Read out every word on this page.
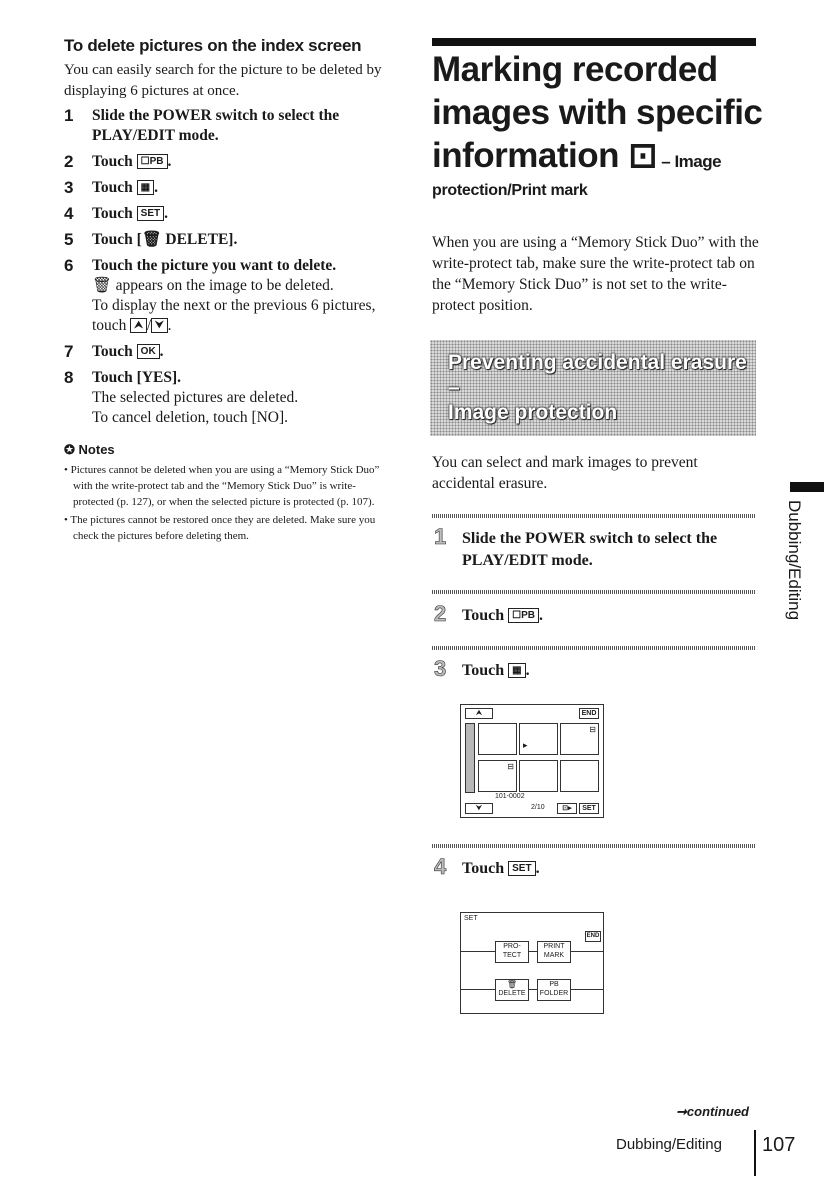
To delete pictures on the index screen

You can easily search for the picture to be deleted by displaying 6 pictures at once.

1 Slide the POWER switch to select the PLAY/EDIT mode.
2 Touch ☐PB .
3 Touch ▦ .
4 Touch SET .
5 Touch [🗑 DELETE].
6 Touch the picture you want to delete.
🗑 appears on the image to be deleted.
To display the next or the previous 6 pictures, touch ⮝ / ⮟ .
7 Touch OK .
8 Touch [YES].
The selected pictures are deleted.
To cancel deletion, touch [NO].
✪ Notes

• Pictures cannot be deleted when you are using a “Memory Stick Duo” with the write-protect tab and the “Memory Stick Duo” is write-protected (p. 127), or when the selected picture is protected (p. 107).

• The pictures cannot be restored once they are deleted. Make sure you check the pictures before deleting them.

Marking recorded
images with specific
information ⊡ – Image
protection/Print mark
When you are using a “Memory Stick Duo” with the write-protect tab, make sure the write-protect tab on the “Memory Stick Duo” is not set to the write-protect position.
Preventing accidental erasure –
Image protection
You can select and mark images to prevent accidental erasure.
1 Slide the POWER switch to select the PLAY/EDIT mode.
2 Touch ☐PB .
3 Touch ▦ .
⮝	END
▸
⊟
⊟
101-0002
⮟	2/10	⊡▸	SET
4 Touch SET .
SET
END
PRO-
TECT
PRINT
MARK
🗑
DELETE
PB
FOLDER
Dubbing/Editing
➞continued
Dubbing/Editing 107
